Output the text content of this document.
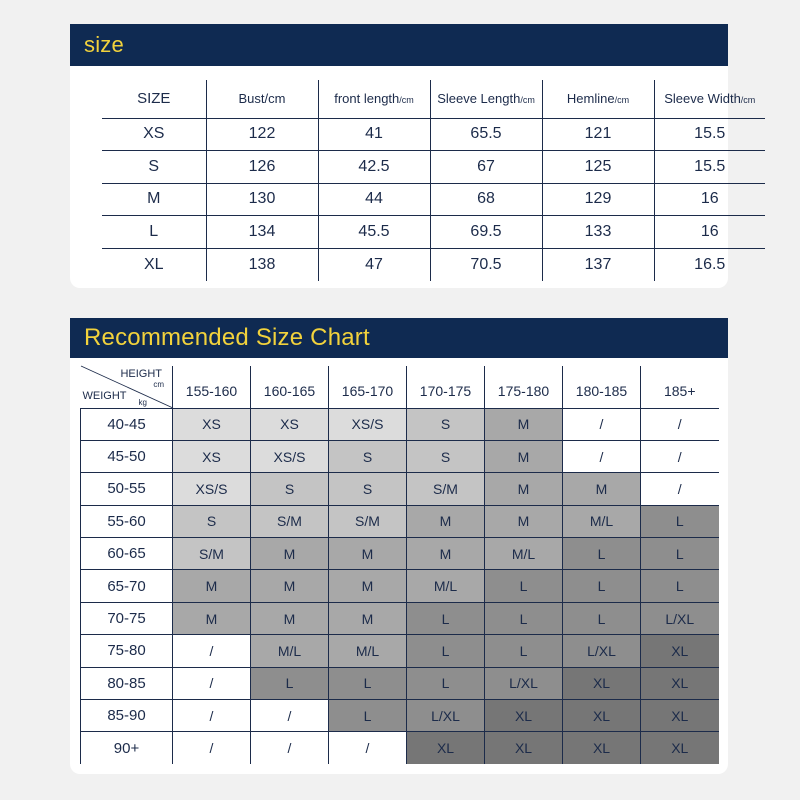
size
SIZE	Bust/cm	front length/cm	Sleeve Length/cm	Hemline/cm	Sleeve Width/cm
XS	122	41	65.5	121	15.5
S	126	42.5	67	125	15.5
M	130	44	68	129	16
L	134	45.5	69.5	133	16
XL	138	47	70.5	137	16.5
Recommended Size Chart
HEIGHT
cm
WEIGHT
kg	155-160	160-165	165-170	170-175	175-180	180-185	185+
40-45	XS	XS	XS/S	S	M	/	/
45-50	XS	XS/S	S	S	M	/	/
50-55	XS/S	S	S	S/M	M	M	/
55-60	S	S/M	S/M	M	M	M/L	L
60-65	S/M	M	M	M	M/L	L	L
65-70	M	M	M	M/L	L	L	L
70-75	M	M	M	L	L	L	L/XL
75-80	/	M/L	M/L	L	L	L/XL	XL
80-85	/	L	L	L	L/XL	XL	XL
85-90	/	/	L	L/XL	XL	XL	XL
90+	/	/	/	XL	XL	XL	XL
